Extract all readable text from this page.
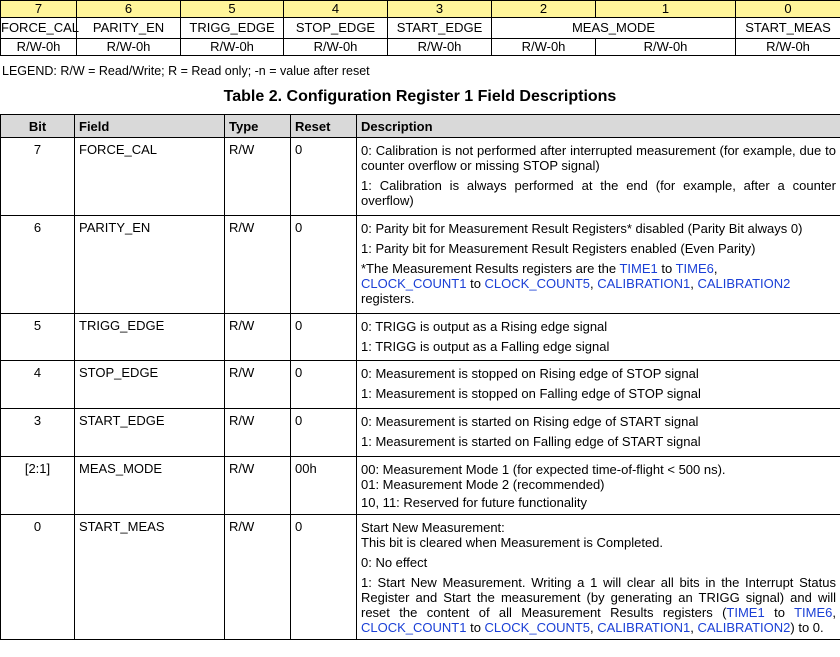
7	6	5	4	3	2	1	0
FORCE_CAL	PARITY_EN	TRIGG_EDGE	STOP_EDGE	START_EDGE	MEAS_MODE		START_MEAS
R/W-0h	R/W-0h	R/W-0h	R/W-0h	R/W-0h	R/W-0h	R/W-0h	R/W-0h
LEGEND: R/W = Read/Write; R = Read only; -n = value after reset
Table 2. Configuration Register 1 Field Descriptions
Bit	Field	Type	Reset	Description
7	FORCE_CAL	R/W	0	0: Calibration is not performed after interrupted measurement (for example, due to counter overflow or missing STOP signal)

1: Calibration is always performed at the end (for example, after a counter overflow)

6	PARITY_EN	R/W	0	0: Parity bit for Measurement Result Registers* disabled (Parity Bit always 0)

1: Parity bit for Measurement Result Registers enabled (Even Parity)

*The Measurement Results registers are the TIME1 to TIME6,
CLOCK_COUNT1 to CLOCK_COUNT5, CALIBRATION1, CALIBRATION2
registers.

5	TRIGG_EDGE	R/W	0	0: TRIGG is output as a Rising edge signal

1: TRIGG is output as a Falling edge signal

4	STOP_EDGE	R/W	0	0: Measurement is stopped on Rising edge of STOP signal

1: Measurement is stopped on Falling edge of STOP signal

3	START_EDGE	R/W	0	0: Measurement is started on Rising edge of START signal

1: Measurement is started on Falling edge of START signal

[2:1]	MEAS_MODE	R/W	00h	00: Measurement Mode 1 (for expected time-of-flight < 500 ns).
01: Measurement Mode 2 (recommended)

10, 11: Reserved for future functionality

0	START_MEAS	R/W	0	Start New Measurement:
This bit is cleared when Measurement is Completed.

0: No effect

1: Start New Measurement. Writing a 1 will clear all bits in the Interrupt Status Register and Start the measurement (by generating an TRIGG signal) and will reset the content of all Measurement Results registers (TIME1 to TIME6, CLOCK_COUNT1 to CLOCK_COUNT5, CALIBRATION1, CALIBRATION2) to 0.
